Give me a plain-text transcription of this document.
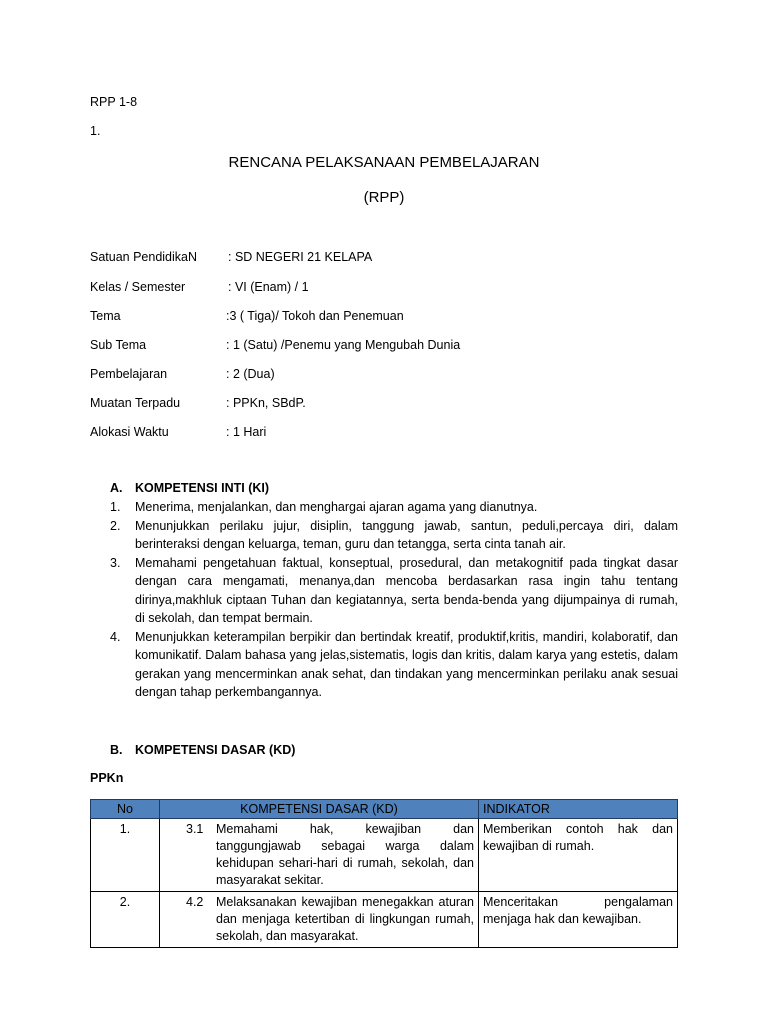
RPP 1-8
1.
RENCANA PELAKSANAAN PEMBELAJARAN
(RPP)
Satuan PendidikaN : SD NEGERI 21 KELAPA
Kelas / Semester	: VI (Enam) / 1
Tema	:3 ( Tiga)/ Tokoh dan Penemuan
Sub Tema	: 1 (Satu) /Penemu yang Mengubah Dunia
Pembelajaran	: 2 (Dua)
Muatan Terpadu	: PPKn, SBdP.
Alokasi Waktu	: 1 Hari
A. KOMPETENSI INTI (KI)
1. Menerima, menjalankan, dan menghargai ajaran agama yang dianutnya.
2. Menunjukkan perilaku jujur, disiplin, tanggung jawab, santun, peduli,percaya diri, dalam berinteraksi dengan keluarga, teman, guru dan tetangga, serta cinta tanah air.
3. Memahami pengetahuan faktual, konseptual, prosedural, dan metakognitif pada tingkat dasar dengan cara mengamati, menanya,dan mencoba berdasarkan rasa ingin tahu tentang dirinya,makhluk ciptaan Tuhan dan kegiatannya, serta benda-benda yang dijumpainya di rumah, di sekolah, dan tempat bermain.
4. Menunjukkan keterampilan berpikir dan bertindak kreatif, produktif,kritis, mandiri, kolaboratif, dan komunikatif. Dalam bahasa yang jelas,sistematis, logis dan kritis, dalam karya yang estetis, dalam gerakan yang mencerminkan anak sehat, dan tindakan yang mencerminkan perilaku anak sesuai dengan tahap perkembangannya.
B. KOMPETENSI DASAR (KD)
PPKn
No	KOMPETENSI DASAR (KD)	INDIKATOR
1.	3.1 Memahami hak, kewajiban dan tanggungjawab sebagai warga dalam kehidupan sehari-hari di rumah, sekolah, dan masyarakat sekitar.	Memberikan contoh hak dan kewajiban di rumah.
2.	4.2 Melaksanakan kewajiban menegakkan aturan dan menjaga ketertiban di lingkungan rumah, sekolah, dan masyarakat.	Menceritakan pengalaman menjaga hak dan kewajiban.
